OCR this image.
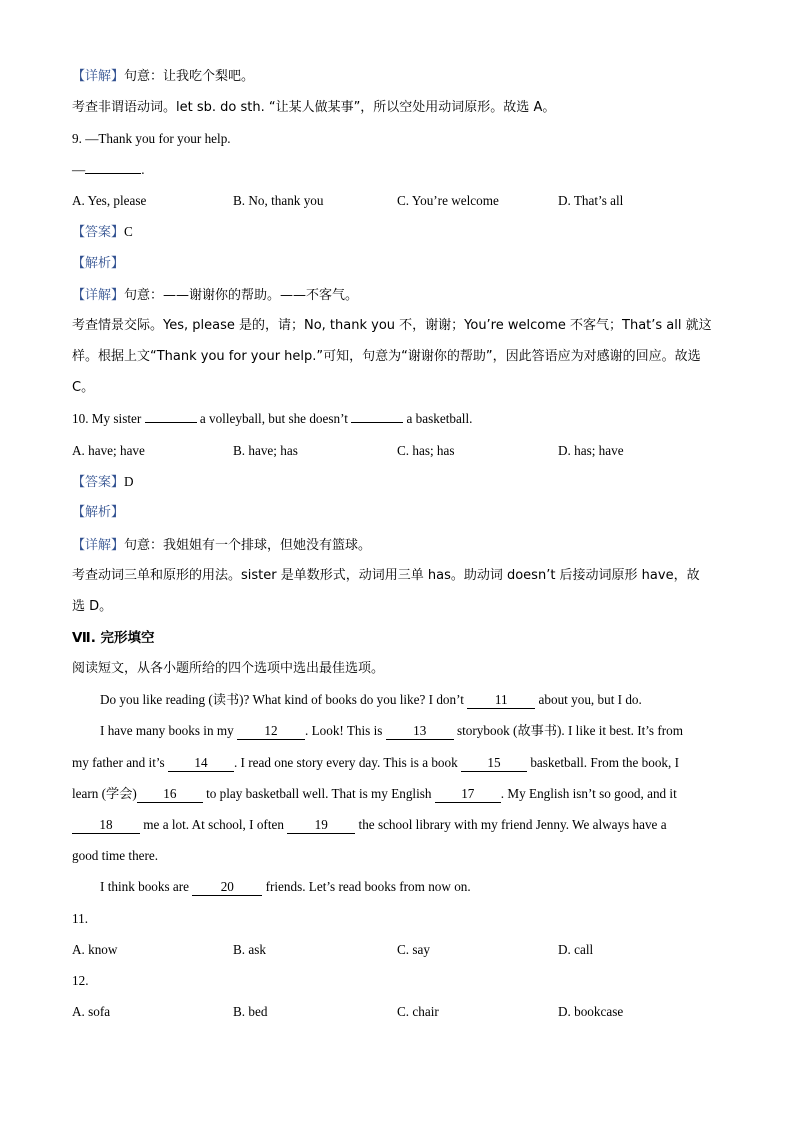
【详解】句意：让我吃个梨吧。
考查非谓语动词。let sb. do sth. “让某人做某事”，所以空处用动词原形。故选 A。
9. —Thank you for your help.
—	.
A. Yes, please	B. No, thank you	C. You’re welcome	D. That’s all
【答案】C
【解析】
【详解】句意：——谢谢你的帮助。——不客气。
考查情景交际。Yes, please 是的，请；No, thank you 不，谢谢；You’re welcome 不客气；That’s all 就这
样。根据上文“Thank you for your help.”可知，句意为“谢谢你的帮助”，因此答语应为对感谢的回应。故选
C。
10. My sister	a volleyball, but she doesn’t	a basketball.
A. have; have	B. have; has	C. has; has	D. has; have
【答案】D
【解析】
【详解】句意：我姐姐有一个排球，但她没有篮球。
考查动词三单和原形的用法。sister 是单数形式，动词用三单 has。助动词 doesn’t 后接动词原形 have，故
选 D。
Ⅶ. 完形填空
阅读短文，从各小题所给的四个选项中选出最佳选项。
Do you like reading (读书)? What kind of books do you like? I don’t 11 about you, but I do.
I have many books in my 12 . Look! This is 13 storybook (故事书). I like it best. It’s from
my father and it’s 14 . I read one story every day. This is a book 15 basketball. From the book, I
learn (学会) 16 to play basketball well. That is my English 17 . My English isn’t so good, and it
18 me a lot. At school, I often 19 the school library with my friend Jenny. We always have a
good time there.
I think books are 20 friends. Let’s read books from now on.
11.
A. know	B. ask	C. say	D. call
12.
A. sofa	B. bed	C. chair	D. bookcase
